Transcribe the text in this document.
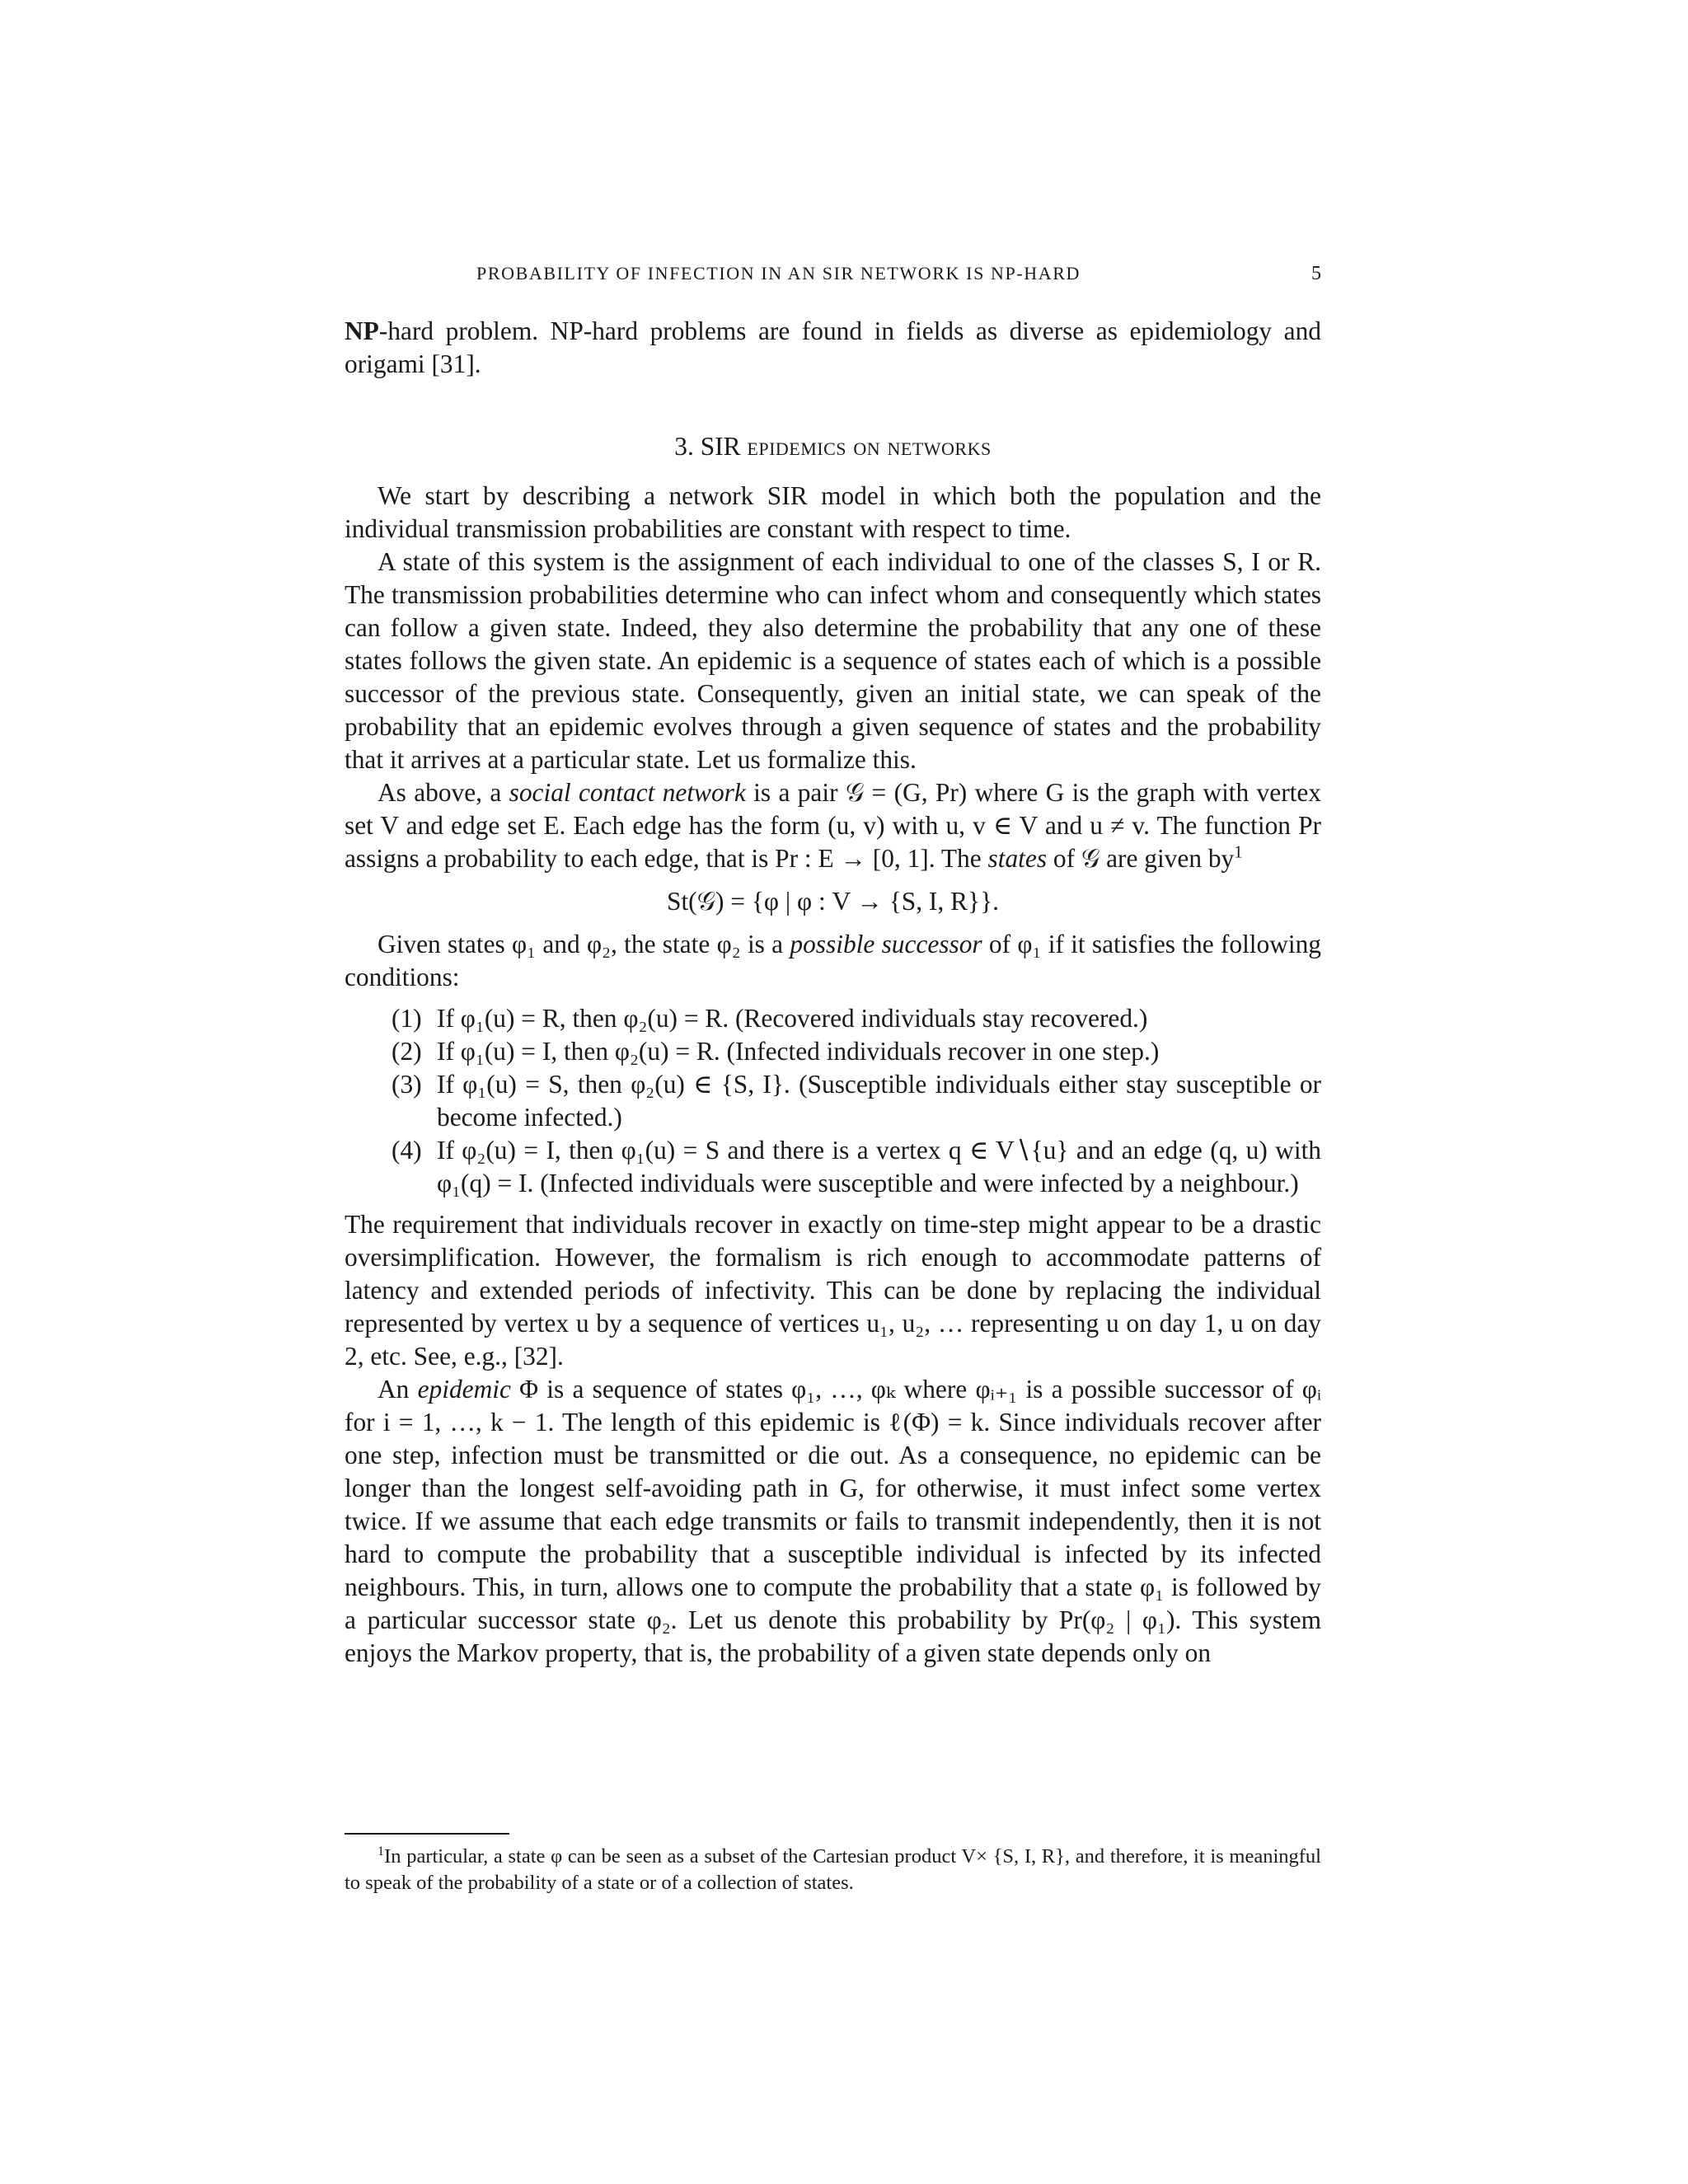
PROBABILITY OF INFECTION IN AN SIR NETWORK IS NP-HARD	5

NP-hard problem. NP-hard problems are found in fields as diverse as epidemiology and origami [31].

3. SIR epidemics on networks

We start by describing a network SIR model in which both the population and the individual transmission probabilities are constant with respect to time.

A state of this system is the assignment of each individual to one of the classes S, I or R. The transmission probabilities determine who can infect whom and consequently which states can follow a given state. Indeed, they also determine the probability that any one of these states follows the given state. An epidemic is a sequence of states each of which is a possible successor of the previous state. Consequently, given an initial state, we can speak of the probability that an epidemic evolves through a given sequence of states and the probability that it arrives at a particular state. Let us formalize this.

As above, a social contact network is a pair 𝒢 = (G, Pr) where G is the graph with vertex set V and edge set E. Each edge has the form (u, v) with u, v ∈ V and u ≠ v. The function Pr assigns a probability to each edge, that is Pr : E → [0, 1]. The states of 𝒢 are given $by^1$

St(𝒢) = {φ | φ : V → {S, I, R}}.

Given states φ₁ and φ₂, the state φ₂ is a possible successor of φ₁ if it satisfies the following conditions:

(1) If φ₁(u) = R, then φ₂(u) = R. (Recovered individuals stay recovered.)
(2) If φ₁(u) = I, then φ₂(u) = R. (Infected individuals recover in one step.)
(3) If φ₁(u) = S, then φ₂(u) ∈ {S, I}. (Susceptible individuals either stay susceptible or become infected.)
(4) If φ₂(u) = I, then φ₁(u) = S and there is a vertex q ∈ V∖{u} and an edge (q, u) with φ₁(q) = I. (Infected individuals were susceptible and were infected by a neighbour.)

The requirement that individuals recover in exactly on time-step might appear to be a drastic oversimplification. However, the formalism is rich enough to accommodate patterns of latency and extended periods of infectivity. This can be done by replacing the individual represented by vertex u by a sequence of vertices u₁, u₂, … representing u on day 1, u on day 2, etc. See, e.g., [32].

An epidemic Φ is a sequence of states φ₁, …, φₖ where φᵢ₊₁ is a possible successor of φᵢ for i = 1, …, k − 1. The length of this epidemic is ℓ(Φ) = k. Since individuals recover after one step, infection must be transmitted or die out. As a consequence, no epidemic can be longer than the longest self-avoiding path in G, for otherwise, it must infect some vertex twice. If we assume that each edge transmits or fails to transmit independently, then it is not hard to compute the probability that a susceptible individual is infected by its infected neighbours. This, in turn, allows one to compute the probability that a state φ₁ is followed by a particular successor state φ₂. Let us denote this probability by Pr(φ₂ | φ₁). This system enjoys the Markov property, that is, the probability of a given state depends only on

$^1$In particular, a state φ can be seen as a subset of the Cartesian product V× {S, I, R}, and therefore, it is meaningful to speak of the probability of a state or of a collection of states.
